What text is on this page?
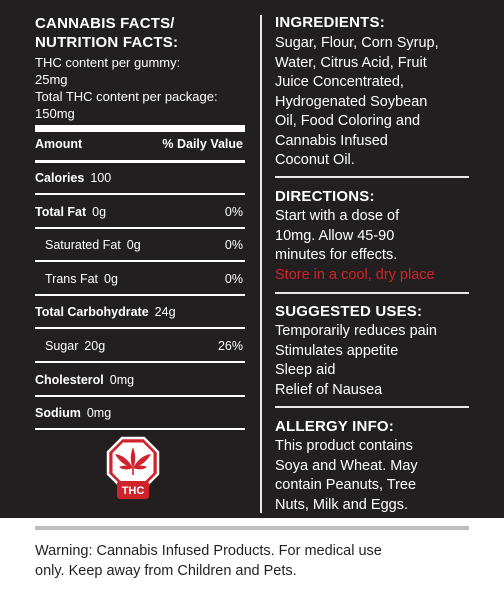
CANNABIS FACTS/
NUTRITION FACTS:
THC content per gummy:
25mg
Total THC content per package:
150mg
Amount	% Daily Value
Calories 100
Total Fat 0g	0%
Saturated Fat 0g	0%
Trans Fat 0g	0%
Total Carbohydrate 24g
Sugar 20g	26%
Cholesterol 0mg
Sodium 0mg
THC
INGREDIENTS:
Sugar, Flour, Corn Syrup,
Water, Citrus Acid, Fruit
Juice Concentrated,
Hydrogenated Soybean
Oil, Food Coloring and
Cannabis Infused
Coconut Oil.
DIRECTIONS:
Start with a dose of
10mg. Allow 45-90
minutes for effects.
Store in a cool, dry place
SUGGESTED USES:
Temporarily reduces pain
Stimulates appetite
Sleep aid
Relief of Nausea
ALLERGY INFO:
This product contains
Soya and Wheat. May
contain Peanuts, Tree
Nuts, Milk and Eggs.
Warning: Cannabis Infused Products. For medical use
only. Keep away from Children and Pets.
